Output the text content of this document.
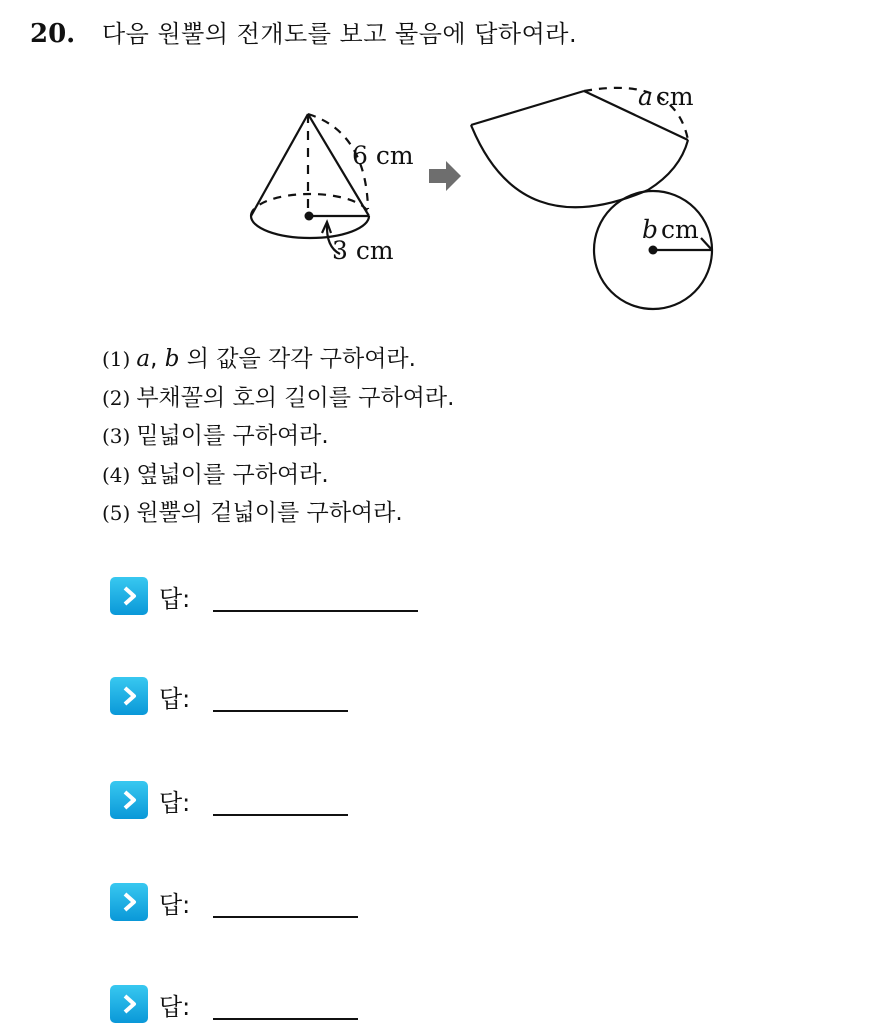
20.	다음 원뿔의 전개도를 보고 물음에 답하여라.
6 cm
3 cm
a cm
b cm
(1) a, b 의 값을 각각 구하여라.
(2) 부채꼴의 호의 길이를 구하여라.
(3) 밑넓이를 구하여라.
(4) 옆넓이를 구하여라.
(5) 원뿔의 겉넓이를 구하여라.
답:
답:
답:
답:
답:
